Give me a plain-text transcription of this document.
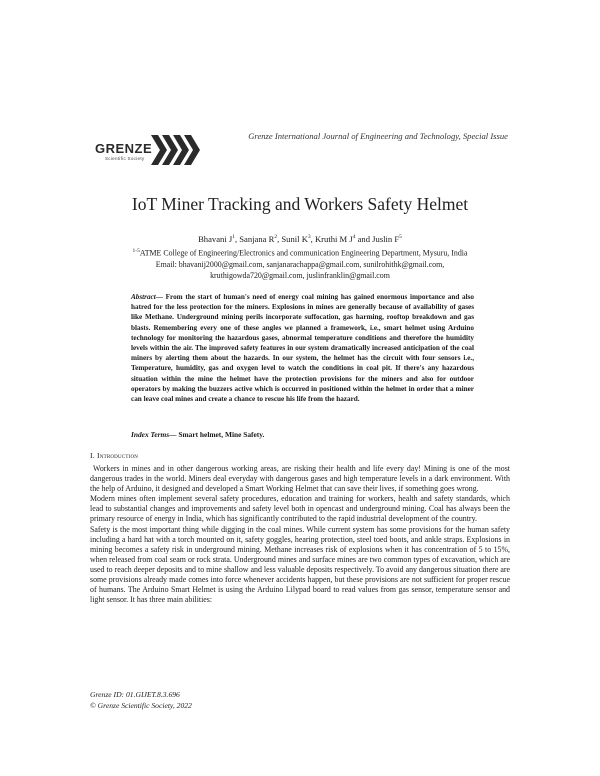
GRENZE
Scientific Society
Grenze International Journal of Engineering and Technology, Special Issue
IoT Miner Tracking and Workers Safety Helmet
Bhavani $J^1$, Sanjana $R^2$, Sunil $K^3$, Kruthi M $J^4$ and Juslin $F^5$
$^{1-5}$ATME College of Engineering/Electronics and communication Engineering Department, Mysuru, India
Email: bhavanij2000@gmail.com, sanjanarachappa@gmail.com, sunilrohithk@gmail.com,
kruthigowda720@gmail.com, juslinfranklin@gmail.com
Abstract— From the start of human's need of energy coal mining has gained enormous importance and also hatred for the less protection for the miners. Explosions in mines are generally because of availability of gases like Methane. Underground mining perils incorporate suffocation, gas harming, rooftop breakdown and gas blasts. Remembering every one of these angles we planned a framework, i.e., smart helmet using Arduino technology for monitoring the hazardous gases, abnormal temperature conditions and therefore the humidity levels within the air. The improved safety features in our system dramatically increased anticipation of the coal miners by alerting them about the hazards. In our system, the helmet has the circuit with four sensors i.e., Temperature, humidity, gas and oxygen level to watch the conditions in coal pit. If there's any hazardous situation within the mine the helmet have the protection provisions for the miners and also for outdoor operators by making the buzzers active which is occurred in positioned within the helmet in order that a miner can leave coal mines and create a chance to rescue his life from the hazard.
Index Terms— Smart helmet, Mine Safety.
I. Introduction

Workers in mines and in other dangerous working areas, are risking their health and life every day! Mining is one of the most dangerous trades in the world. Miners deal everyday with dangerous gases and high temperature levels in a dark environment. With the help of Arduino, it designed and developed a Smart Working Helmet that can save their lives, if something goes wrong.

Modern mines often implement several safety procedures, education and training for workers, health and safety standards, which lead to substantial changes and improvements and safety level both in opencast and underground mining. Coal has always been the primary resource of energy in India, which has significantly contributed to the rapid industrial development of the country.

Safety is the most important thing while digging in the coal mines. While current system has some provisions for the human safety including a hard hat with a torch mounted on it, safety goggles, hearing protection, steel toed boots, and ankle straps. Explosions in mining becomes a safety risk in underground mining. Methane increases risk of explosions when it has concentration of 5 to 15%, when released from coal seam or rock strata. Underground mines and surface mines are two common types of excavation, which are used to reach deeper deposits and to mine shallow and less valuable deposits respectively. To avoid any dangerous situation there are some provisions already made comes into force whenever accidents happen, but these provisions are not sufficient for proper rescue of humans. The Arduino Smart Helmet is using the Arduino Lilypad board to read values from gas sensor, temperature sensor and light sensor. It has three main abilities:

Grenze ID: 01.GIJET.8.3.696
© Grenze Scientific Society, 2022
